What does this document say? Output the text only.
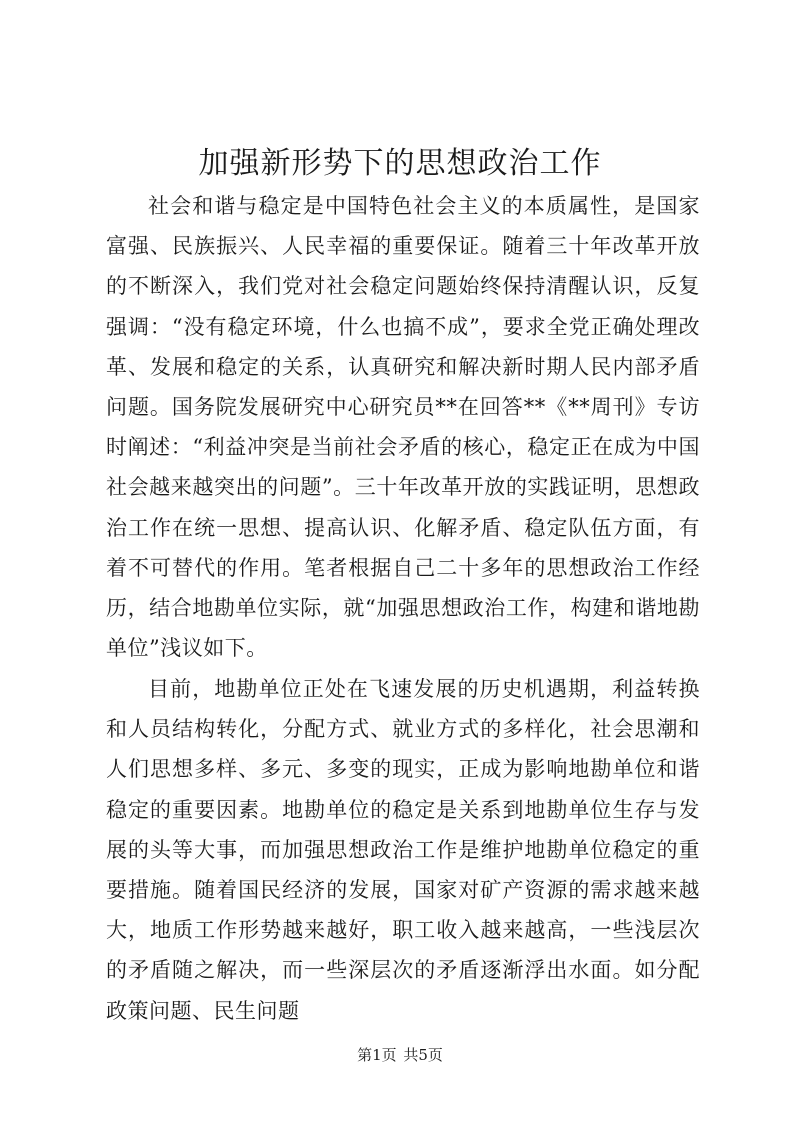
加强新形势下的思想政治工作

社会和谐与稳定是中国特色社会主义的本质属性，是国家富强、民族振兴、人民幸福的重要保证。随着三十年改革开放的不断深入，我们党对社会稳定问题始终保持清醒认识，反复强调：“没有稳定环境，什么也搞不成”，要求全党正确处理改革、发展和稳定的关系，认真研究和解决新时期人民内部矛盾问题。国务院发展研究中心研究员**在回答**《**周刊》专访时阐述：“利益冲突是当前社会矛盾的核心，稳定正在成为中国社会越来越突出的问题”。三十年改革开放的实践证明，思想政治工作在统一思想、提高认识、化解矛盾、稳定队伍方面，有着不可替代的作用。笔者根据自己二十多年的思想政治工作经历，结合地勘单位实际，就“加强思想政治工作，构建和谐地勘单位”浅议如下。

目前，地勘单位正处在飞速发展的历史机遇期，利益转换和人员结构转化，分配方式、就业方式的多样化，社会思潮和人们思想多样、多元、多变的现实，正成为影响地勘单位和谐稳定的重要因素。地勘单位的稳定是关系到地勘单位生存与发展的头等大事，而加强思想政治工作是维护地勘单位稳定的重要措施。随着国民经济的发展，国家对矿产资源的需求越来越大，地质工作形势越来越好，职工收入越来越高，一些浅层次的矛盾随之解决，而一些深层次的矛盾逐渐浮出水面。如分配政策问题、民生问题

第1页 共5页
